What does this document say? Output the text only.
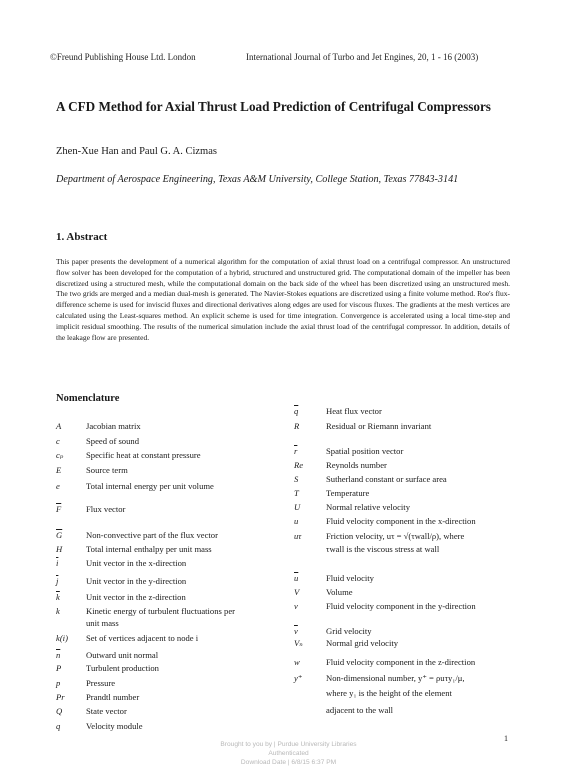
©Freund Publishing House Ltd. London	International Journal of Turbo and Jet Engines, 20, 1 - 16 (2003)
A CFD Method for Axial Thrust Load Prediction of Centrifugal Compressors
Zhen-Xue Han and Paul G. A. Cizmas
Department of Aerospace Engineering, Texas A&M University, College Station, Texas 77843-3141
1. Abstract

This paper presents the development of a numerical algorithm for the computation of axial thrust load on a centrifugal compressor. An unstructured flow solver has been developed for the computation of a hybrid, structured and unstructured grid. The computational domain of the impeller has been discretized using a structured mesh, while the computational domain on the back side of the wheel has been discretized using an unstructured mesh. The two grids are merged and a median dual-mesh is generated. The Navier-Stokes equations are discretized using a finite volume method. Roe's flux-difference scheme is used for inviscid fluxes and directional derivatives along edges are used for viscous fluxes. The gradients at the mesh vertices are calculated using the Least-squares method. An explicit scheme is used for time integration. Convergence is accelerated using a local time-step and implicit residual smoothing. The results of the numerical simulation include the axial thrust load of the centrifugal compressor. In addition, details of the leakage flow are presented.

Nomenclature
A	Jacobian matrix
c	Speed of sound
cₚ	Specific heat at constant pressure
E	Source term
e	Total internal energy per unit volume
$\overline{F}$	Flux vector
$\overline{G}$	Non-convective part of the flux vector
H	Total internal enthalpy per unit mass
$\overline{i}$	Unit vector in the x-direction
$\overline{j}$	Unit vector in the y-direction
$\overline{k}$	Unit vector in the z-direction
k	Kinetic energy of turbulent fluctuations per
unit mass
k(i)	Set of vertices adjacent to node i
$\overline{n}$	Outward unit normal
P	Turbulent production
p	Pressure
Pr	Prandtl number
Q	State vector
q	Velocity module
$\overline{q}$	Heat flux vector
R	Residual or Riemann invariant
$\overline{r}$	Spatial position vector
Re	Reynolds number
S	Sutherland constant or surface area
T	Temperature
U	Normal relative velocity
u	Fluid velocity component in the x-direction
uτ	Friction velocity, uτ = √(τwall/ρ), where
τwall is the viscous stress at wall
$\overline{u}$	Fluid velocity
V	Volume
v	Fluid velocity component in the y-direction
$\overline{v}$	Grid velocity
Vₙ	Normal grid velocity
w	Fluid velocity component in the z-direction
y⁺	Non-dimensional number, y⁺ = ρuτy₁/μ,
where y₁ is the height of the element
adjacent to the wall
1
Brought to you by | Purdue University Libraries
Authenticated
Download Date | 6/8/15 6:37 PM
